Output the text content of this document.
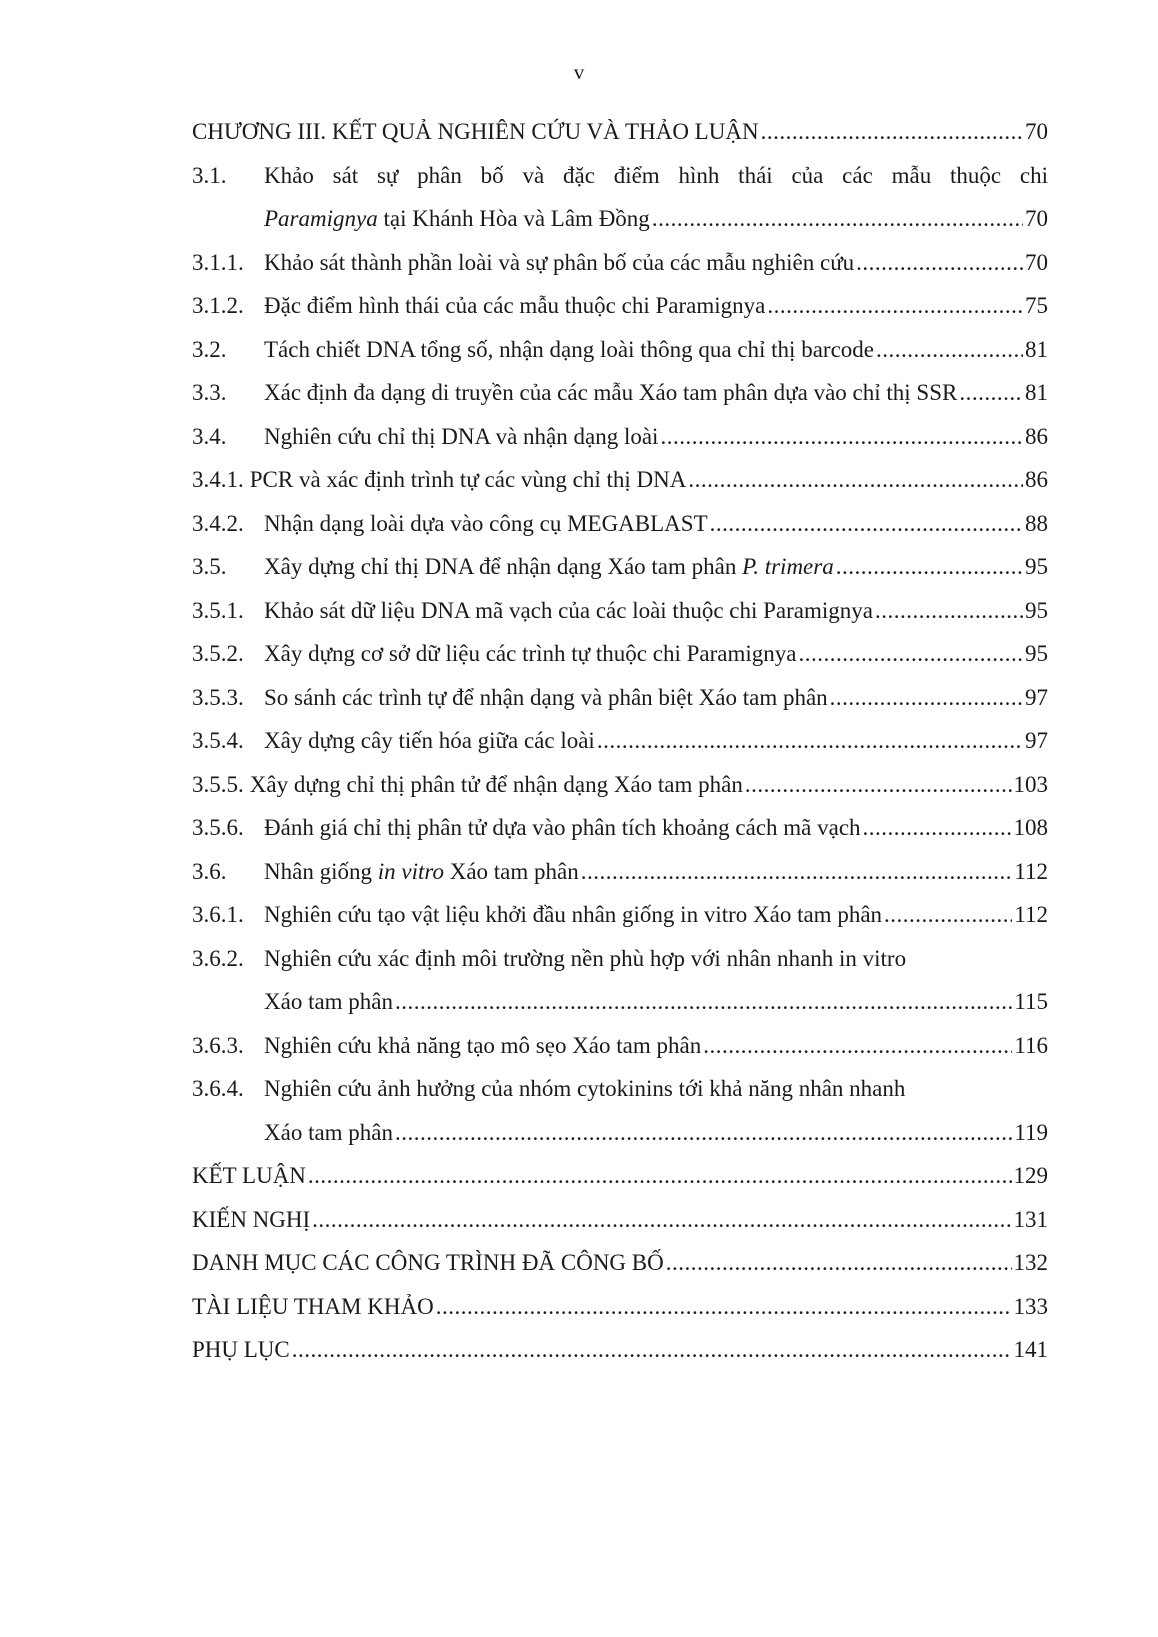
v
CHƯƠNG III. KẾT QUẢ NGHIÊN CỨU VÀ THẢO LUẬN .....	70
3.1.	Khảo sát sự phân bố và đặc điểm hình thái của các mẫu thuộc chi
Paramignya tại Khánh Hòa và Lâm Đồng .....	70
3.1.1. Khảo sát thành phần loài và sự phân bố của các mẫu nghiên cứu .....	70
3.1.2. Đặc điểm hình thái của các mẫu thuộc chi Paramignya .....	75
3.2.	Tách chiết DNA tổng số, nhận dạng loài thông qua chỉ thị barcode .....	81
3.3.	Xác định đa dạng di truyền của các mẫu Xáo tam phân dựa vào chỉ thị SSR .....	81
3.4.	Nghiên cứu chỉ thị DNA và nhận dạng loài .....	86
3.4.1. PCR và xác định trình tự các vùng chỉ thị DNA .....	86
3.4.2. Nhận dạng loài dựa vào công cụ MEGABLAST .....	88
3.5.	Xây dựng chỉ thị DNA để nhận dạng Xáo tam phân P. trimera .....	95
3.5.1. Khảo sát dữ liệu DNA mã vạch của các loài thuộc chi Paramignya .....	95
3.5.2. Xây dựng cơ sở dữ liệu các trình tự thuộc chi Paramignya .....	95
3.5.3. So sánh các trình tự để nhận dạng và phân biệt Xáo tam phân .....	97
3.5.4. Xây dựng cây tiến hóa giữa các loài .....	97
3.5.5. Xây dựng chỉ thị phân tử để nhận dạng Xáo tam phân .....	103
3.5.6. Đánh giá chỉ thị phân tử dựa vào phân tích khoảng cách mã vạch .....	108
3.6.	Nhân giống in vitro Xáo tam phân .....	112
3.6.1. Nghiên cứu tạo vật liệu khởi đầu nhân giống in vitro Xáo tam phân .....	112
3.6.2. Nghiên cứu xác định môi trường nền phù hợp với nhân nhanh in vitro
Xáo tam phân .....	115
3.6.3. Nghiên cứu khả năng tạo mô sẹo Xáo tam phân .....	116
3.6.4. Nghiên cứu ảnh hưởng của nhóm cytokinins tới khả năng nhân nhanh
Xáo tam phân .....	119
KẾT LUẬN .....	129
KIẾN NGHỊ .....	131
DANH MỤC CÁC CÔNG TRÌNH ĐÃ CÔNG BỐ .....	132
TÀI LIỆU THAM KHẢO .....	133
PHỤ LỤC .....	141
